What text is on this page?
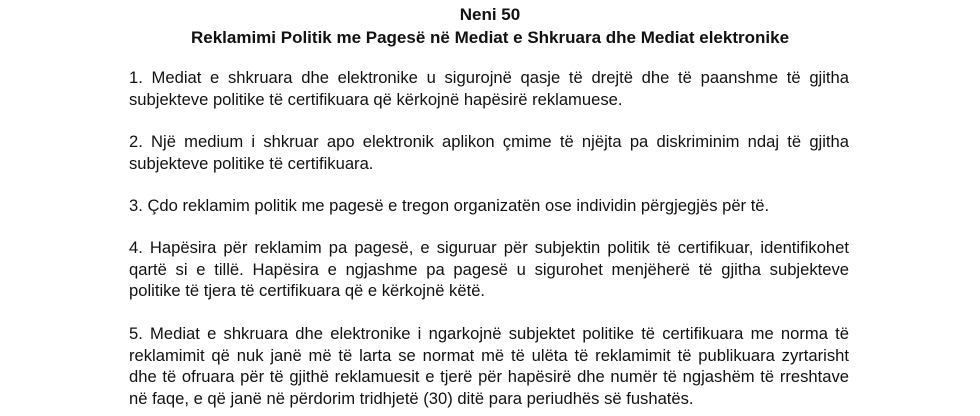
Neni 50
Reklamimi Politik me Pagesë në Mediat e Shkruara dhe Mediat elektronike

1. Mediat e shkruara dhe elektronike u sigurojnë qasje të drejtë dhe të paanshme të gjitha
subjekteve politike të certifikuara që kërkojnë hapësirë reklamuese.

2. Një medium i shkruar apo elektronik aplikon çmime të njëjta pa diskriminim ndaj të gjitha
subjekteve politike të certifikuara.

3. Çdo reklamim politik me pagesë e tregon organizatën ose individin përgjegjës për të.

4. Hapësira për reklamim pa pagesë, e siguruar për subjektin politik të certifikuar, identifikohet
qartë si e tillë. Hapësira e ngjashme pa pagesë u sigurohet menjëherë të gjitha subjekteve
politike të tjera të certifikuara që e kërkojnë këtë.

5. Mediat e shkruara dhe elektronike i ngarkojnë subjektet politike të certifikuara me norma të
reklamimit që nuk janë më të larta se normat më të ulëta të reklamimit të publikuara zyrtarisht
dhe të ofruara për të gjithë reklamuesit e tjerë për hapësirë dhe numër të ngjashëm të rreshtave
në faqe, e që janë në përdorim tridhjetë (30) ditë para periudhës së fushatës.
